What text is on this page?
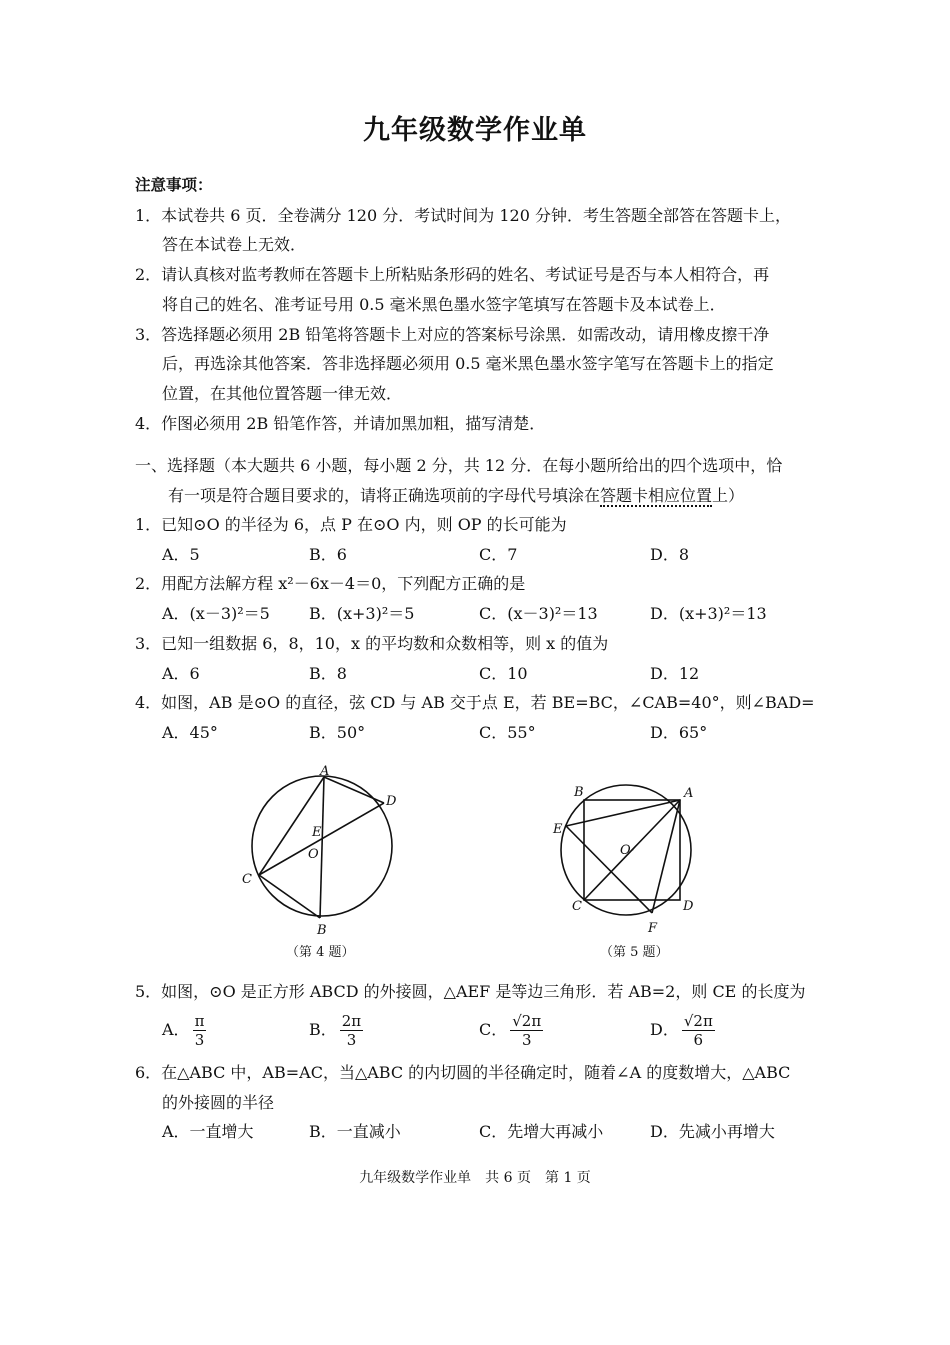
九年级数学作业单
注意事项：
1．本试卷共 6 页．全卷满分 120 分．考试时间为 120 分钟．考生答题全部答在答题卡上，
答在本试卷上无效．
2．请认真核对监考教师在答题卡上所粘贴条形码的姓名、考试证号是否与本人相符合，再
将自己的姓名、准考证号用 0.5 毫米黑色墨水签字笔填写在答题卡及本试卷上．
3．答选择题必须用 2B 铅笔将答题卡上对应的答案标号涂黑．如需改动，请用橡皮擦干净
后，再选涂其他答案．答非选择题必须用 0.5 毫米黑色墨水签字笔写在答题卡上的指定
位置，在其他位置答题一律无效．
4．作图必须用 2B 铅笔作答，并请加黑加粗，描写清楚．
一、选择题（本大题共 6 小题，每小题 2 分，共 12 分．在每小题所给出的四个选项中，恰
有一项是符合题目要求的，请将正确选项前的字母代号填涂在答题卡相应位置上）
1．已知⊙O 的半径为 6，点 P 在⊙O 内，则 OP 的长可能为
A．5	B．6	C．7	D．8
2．用配方法解方程 x²－6x－4＝0，下列配方正确的是
A．(x－3)²＝5 B．(x+3)²＝5	C．(x－3)²＝13	D．(x+3)²＝13
3．已知一组数据 6，8，10，x 的平均数和众数相等，则 x 的值为
A．6	B．8	C．10	D．12
4．如图，AB 是⊙O 的直径，弦 CD 与 AB 交于点 E，若 BE=BC，∠CAB=40°，则∠BAD=
A．45°	B．50°	C．55°	D．65°
A
D
E
O
C
B
（第 4 题）
B	A
E
O·
C	D
F
（第 5 题）
5．如图，⊙O 是正方形 ABCD 的外接圆，△AEF 是等边三角形．若 AB=2，则 CE 的长度为
A． $\frac{\pi}{3}$	B． $\frac{2\pi}{3}$	C． $\frac{√2\pi}{3}$	D． $\frac{√2\pi}{6}$
6．在△ABC 中，AB=AC，当△ABC 的内切圆的半径确定时，随着∠A 的度数增大，△ABC
的外接圆的半径
A．一直增大	B．一直减小	C．先增大再减小	D．先减小再增大
九年级数学作业单　共 6 页　第 1 页
